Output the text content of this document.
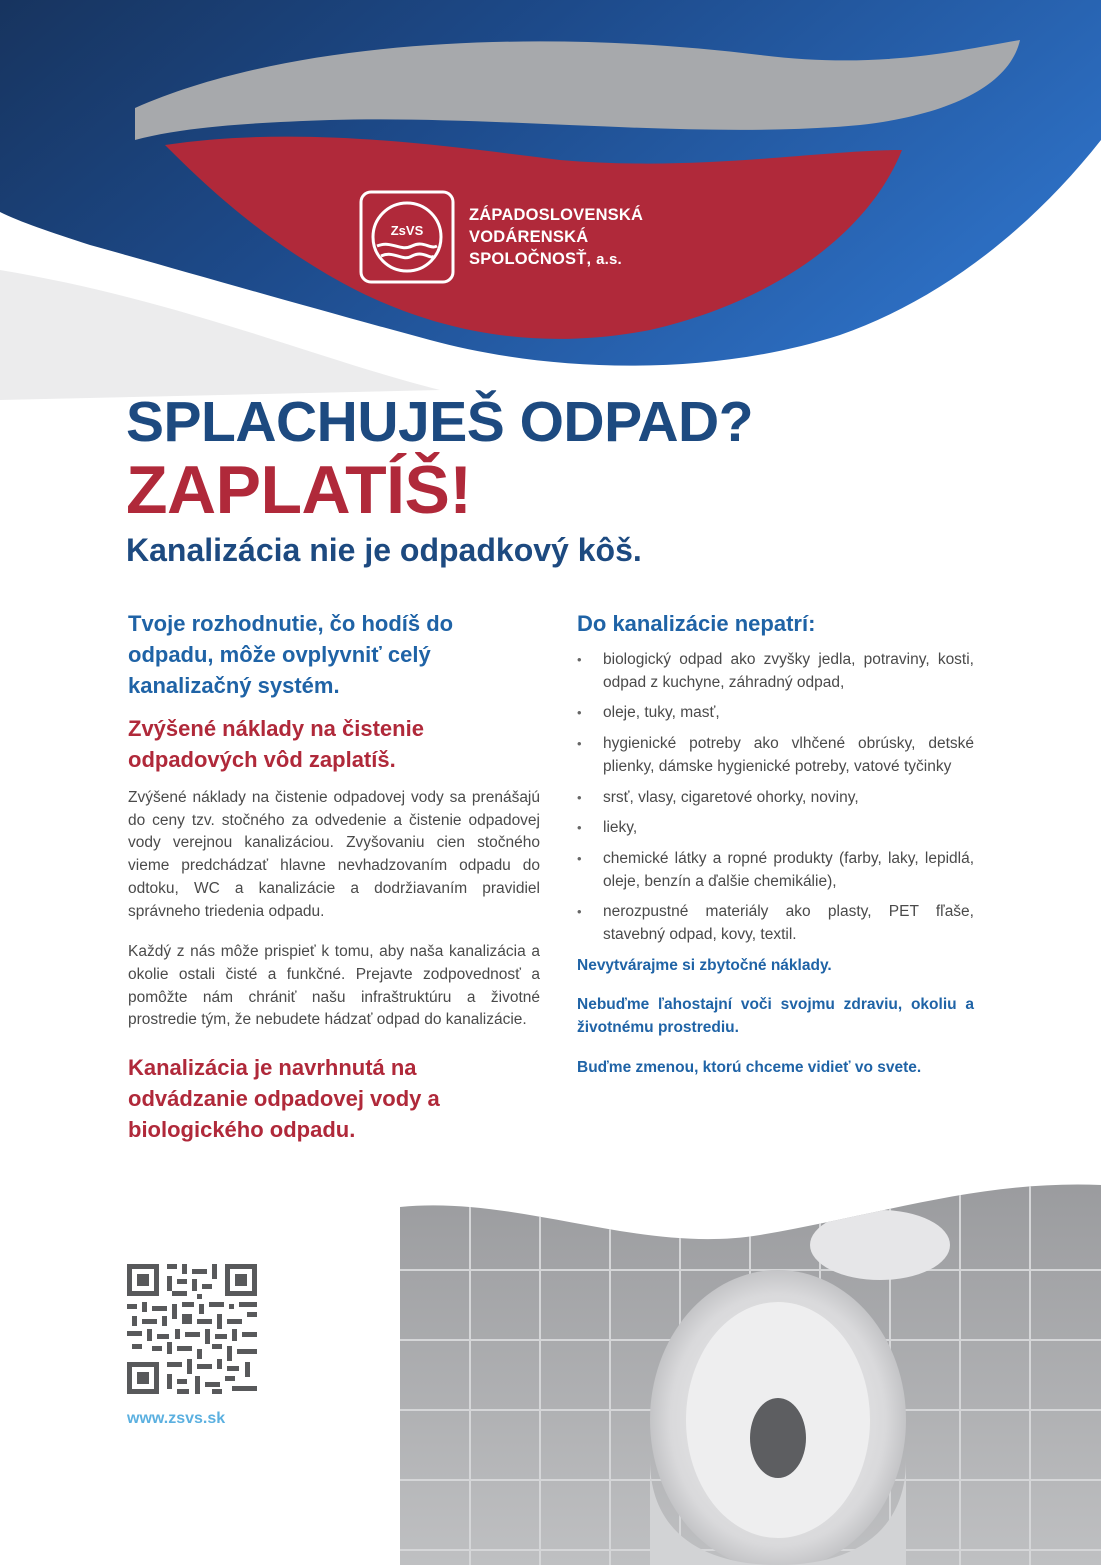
ZÁPADOSLOVENSKÁ
VODÁRENSKÁ
SPOLOČNOSŤ, a.s.
ZsVS
SPLACHUJEŠ ODPAD?
ZAPLATÍŠ!
Kanalizácia nie je odpadkový kôš.

Tvoje rozhodnutie, čo hodíš do odpadu, môže ovplyvniť celý kanalizačný systém.

Zvýšené náklady na čistenie odpadových vôd zaplatíš.

Zvýšené náklady na čistenie odpadovej vody sa prenášajú do ceny tzv. stočného za odvedenie a čistenie odpadovej vody verejnou kanalizáciou. Zvyšovaniu cien stočného vieme predchádzať hlavne nevhadzovaním odpadu do odtoku, WC a kanalizácie a dodržiavaním pravidiel správneho triedenia odpadu.

Každý z nás môže prispieť k tomu, aby naša kanalizácia a okolie ostali čisté a funkčné. Prejavte zodpovednosť a pomôžte nám chrániť našu infraštruktúru a životné prostredie tým, že nebudete hádzať odpad do kanalizácie.

Kanalizácia je navrhnutá na odvádzanie odpadovej vody a biologického odpadu.

Do kanalizácie nepatrí:

• biologický odpad ako zvyšky jedla, potraviny, kosti, odpad z kuchyne, záhradný odpad,
• oleje, tuky, masť,
• hygienické potreby ako vlhčené obrúsky, detské plienky, dámske hygienické potreby, vatové tyčinky
• srsť, vlasy, cigaretové ohorky, noviny,
• lieky,
• chemické látky a ropné produkty (farby, laky, lepidlá, oleje, benzín a ďalšie chemikálie),
• nerozpustné materiály ako plasty, PET fľaše, stavebný odpad, kovy, textil.

Nevytvárajme si zbytočné náklady.

Nebuďme ľahostajní voči svojmu zdraviu, okoliu a životnému prostrediu.

Buďme zmenou, ktorú chceme vidieť vo svete.

www.zsvs.sk
